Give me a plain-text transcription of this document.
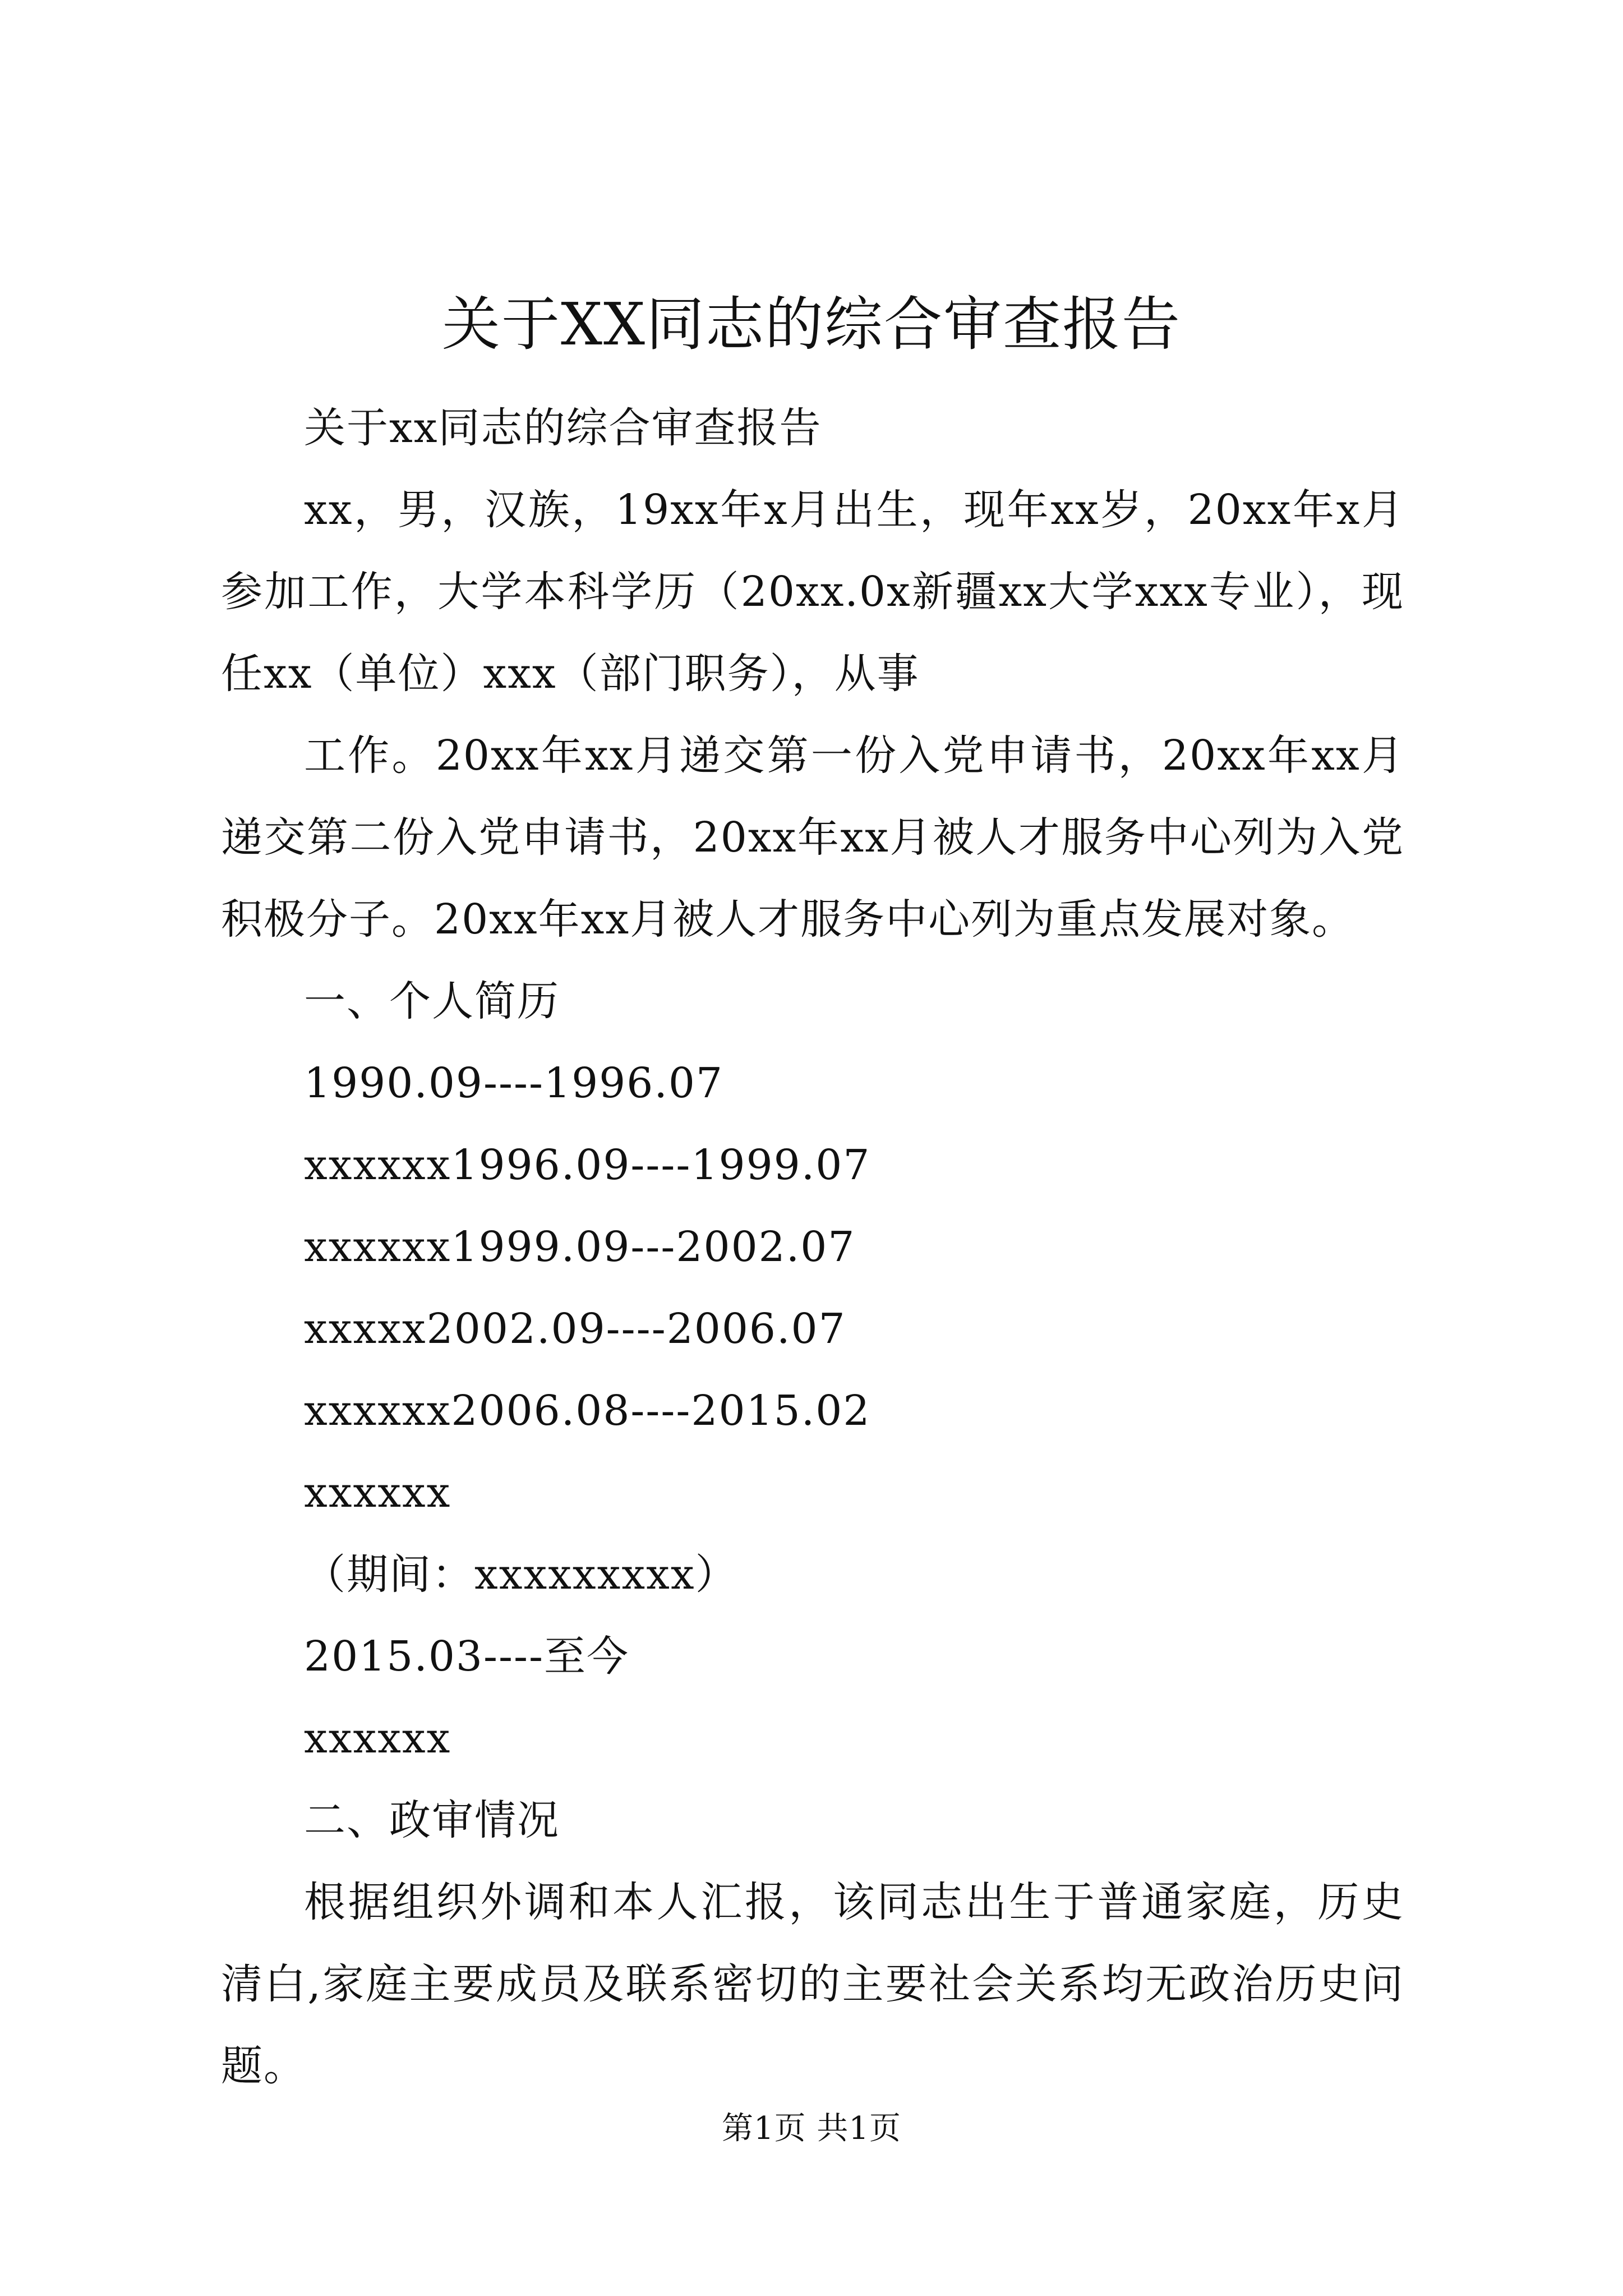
关于XX同志的综合审查报告

关于xx同志的综合审查报告

xx，男，汉族，19xx年x月出生，现年xx岁，20xx年x月参加工作，大学本科学历（20xx.0x新疆xx大学xxx专业），现任xx（单位）xxx（部门职务），从事

工作。20xx年xx月递交第一份入党申请书，20xx年xx月递交第二份入党申请书，20xx年xx月被人才服务中心列为入党积极分子。20xx年xx月被人才服务中心列为重点发展对象。

一、个人简历

1990.09----1996.07

xxxxxx1996.09----1999.07

xxxxxx1999.09---2002.07

xxxxx2002.09----2006.07

xxxxxx2006.08----2015.02

xxxxxx

（期间：xxxxxxxxx）

2015.03----至今

xxxxxx

二、政审情况

根据组织外调和本人汇报，该同志出生于普通家庭，历史清白,家庭主要成员及联系密切的主要社会关系均无政治历史问题。

第1页 共1页
